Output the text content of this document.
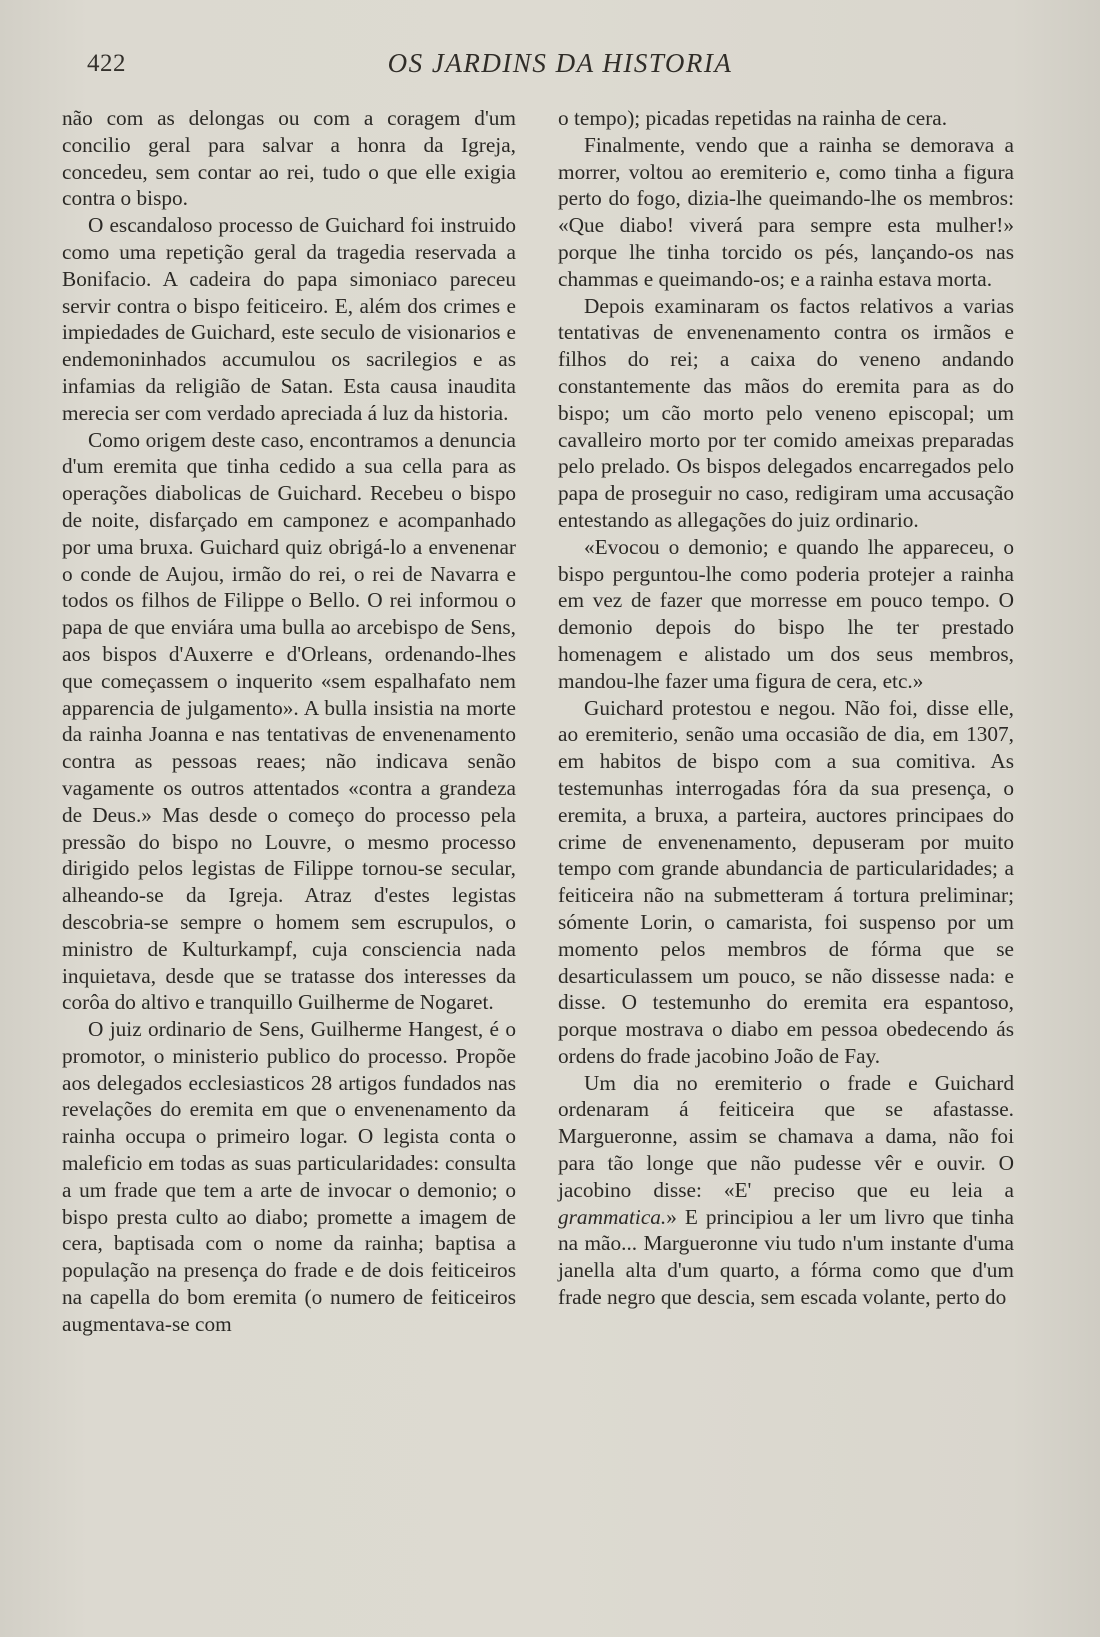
422	OS JARDINS DA HISTORIA

não com as delongas ou com a coragem d'um concilio geral para salvar a honra da Igreja, concedeu, sem contar ao rei, tudo o que elle exigia contra o bispo.

O escandaloso processo de Guichard foi instruido como uma repetição geral da tragedia reservada a Bonifacio. A cadeira do papa simoniaco pareceu servir contra o bispo feiticeiro. E, além dos crimes e impiedades de Guichard, este seculo de visionarios e endemoninhados accumulou os sacrilegios e as infamias da religião de Satan. Esta causa inaudita merecia ser com verdado apreciada á luz da historia.

Como origem deste caso, encontramos a denuncia d'um eremita que tinha cedido a sua cella para as operações diabolicas de Guichard. Recebeu o bispo de noite, disfarçado em camponez e acompanhado por uma bruxa. Guichard quiz obrigá-lo a envenenar o conde de Aujou, irmão do rei, o rei de Navarra e todos os filhos de Filippe o Bello. O rei informou o papa de que enviára uma bulla ao arcebispo de Sens, aos bispos d'Auxerre e d'Orleans, ordenando-lhes que começassem o inquerito «sem espalhafato nem apparencia de julgamento». A bulla insistia na morte da rainha Joanna e nas tentativas de envenenamento contra as pessoas reaes; não indicava senão vagamente os outros attentados «contra a grandeza de Deus.» Mas desde o começo do processo pela pressão do bispo no Louvre, o mesmo processo dirigido pelos legistas de Filippe tornou-se secular, alheando-se da Igreja. Atraz d'estes legistas descobria-se sempre o homem sem escrupulos, o ministro de Kulturkampf, cuja consciencia nada inquietava, desde que se tratasse dos interesses da corôa do altivo e tranquillo Guilherme de Nogaret.

O juiz ordinario de Sens, Guilherme Hangest, é o promotor, o ministerio publico do processo. Propõe aos delegados ecclesiasticos 28 artigos fundados nas revelações do eremita em que o envenenamento da rainha occupa o primeiro logar. O legista conta o maleficio em todas as suas particularidades: consulta a um frade que tem a arte de invocar o demonio; o bispo presta culto ao diabo; promette a imagem de cera, baptisada com o nome da rainha; baptisa a população na presença do frade e de dois feiticeiros na capella do bom eremita (o numero de feiticeiros augmentava-se com

o tempo); picadas repetidas na rainha de cera.

Finalmente, vendo que a rainha se demorava a morrer, voltou ao eremiterio e, como tinha a figura perto do fogo, dizia-lhe queimando-lhe os membros: «Que diabo! viverá para sempre esta mulher!» porque lhe tinha torcido os pés, lançando-os nas chammas e queimando-os; e a rainha estava morta.

Depois examinaram os factos relativos a varias tentativas de envenenamento contra os irmãos e filhos do rei; a caixa do veneno andando constantemente das mãos do eremita para as do bispo; um cão morto pelo veneno episcopal; um cavalleiro morto por ter comido ameixas preparadas pelo prelado. Os bispos delegados encarregados pelo papa de proseguir no caso, redigiram uma accusação entestando as allegações do juiz ordinario.

«Evocou o demonio; e quando lhe appareceu, o bispo perguntou-lhe como poderia protejer a rainha em vez de fazer que morresse em pouco tempo. O demonio depois do bispo lhe ter prestado homenagem e alistado um dos seus membros, mandou-lhe fazer uma figura de cera, etc.»

Guichard protestou e negou. Não foi, disse elle, ao eremiterio, senão uma occasião de dia, em 1307, em habitos de bispo com a sua comitiva. As testemunhas interrogadas fóra da sua presença, o eremita, a bruxa, a parteira, auctores principaes do crime de envenenamento, depuseram por muito tempo com grande abundancia de particularidades; a feiticeira não na submetteram á tortura preliminar; sómente Lorin, o camarista, foi suspenso por um momento pelos membros de fórma que se desarticulassem um pouco, se não dissesse nada: e disse. O testemunho do eremita era espantoso, porque mostrava o diabo em pessoa obedecendo ás ordens do frade jacobino João de Fay.

Um dia no eremiterio o frade e Guichard ordenaram á feiticeira que se afastasse. Margueronne, assim se chamava a dama, não foi para tão longe que não pudesse vêr e ouvir. O jacobino disse: «E' preciso que eu leia a grammatica.» E principiou a ler um livro que tinha na mão... Margueronne viu tudo n'um instante d'uma janella alta d'um quarto, a fórma como que d'um frade negro que descia, sem escada volante, perto do
